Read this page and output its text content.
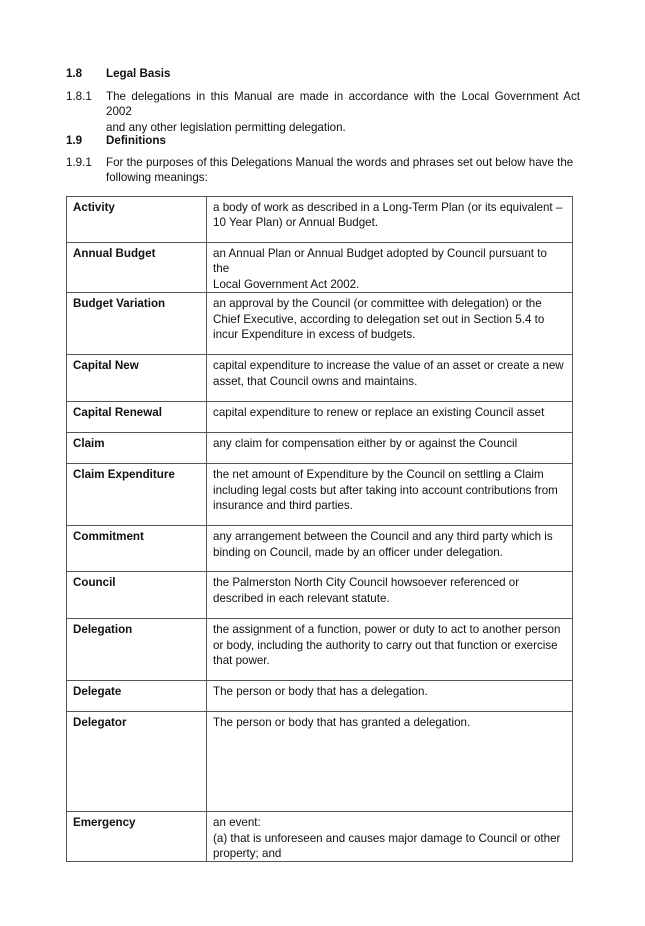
1.8	Legal Basis
1.8.1	The delegations in this Manual are made in accordance with the Local Government Act 2002
and any other legislation permitting delegation.
1.9	Definitions
1.9.1	For the purposes of this Delegations Manual the words and phrases set out below have the
following meanings:
Activity	a body of work as described in a Long-Term Plan (or its equivalent –
10 Year Plan) or Annual Budget.

Annual Budget	an Annual Plan or Annual Budget adopted by Council pursuant to the
Local Government Act 2002.

Budget Variation	an approval by the Council (or committee with delegation) or the
Chief Executive, according to delegation set out in Section 5.4 to
incur Expenditure in excess of budgets.

Capital New	capital expenditure to increase the value of an asset or create a new
asset, that Council owns and maintains.

Capital Renewal	capital expenditure to renew or replace an existing Council asset

Claim	any claim for compensation either by or against the Council

Claim Expenditure	the net amount of Expenditure by the Council on settling a Claim
including legal costs but after taking into account contributions from
insurance and third parties.

Commitment	any arrangement between the Council and any third party which is
binding on Council, made by an officer under delegation.

Council	the Palmerston North City Council howsoever referenced or
described in each relevant statute.

Delegation	the assignment of a function, power or duty to act to another person
or body, including the authority to carry out that function or exercise
that power.

Delegate	The person or body that has a delegation.

Delegator	The person or body that has granted a delegation.

Emergency	an event:
(a) that is unforeseen and causes major damage to Council or other
property; and
